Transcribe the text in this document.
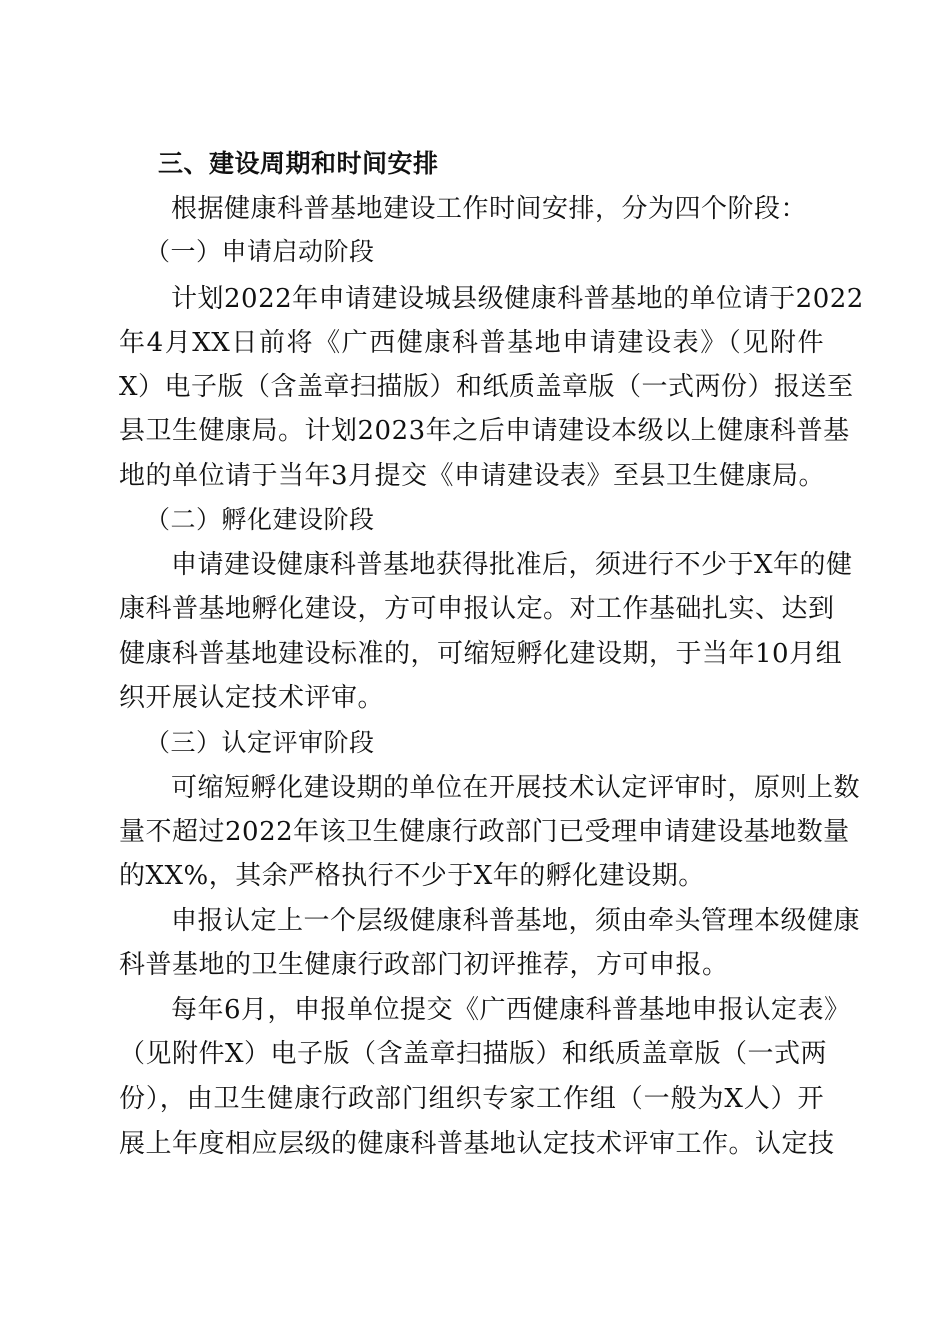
三、建设周期和时间安排
根据健康科普基地建设工作时间安排，分为四个阶段：
（一）申请启动阶段
计划2022年申请建设城县级健康科普基地的单位请于2022
年4月XX日前将《广西健康科普基地申请建设表》（见附件
X）电子版（含盖章扫描版）和纸质盖章版（一式两份）报送至
县卫生健康局。计划2023年之后申请建设本级以上健康科普基
地的单位请于当年3月提交《申请建设表》至县卫生健康局。
（二）孵化建设阶段
申请建设健康科普基地获得批准后，须进行不少于X年的健
康科普基地孵化建设，方可申报认定。对工作基础扎实、达到
健康科普基地建设标准的，可缩短孵化建设期，于当年10月组
织开展认定技术评审。
（三）认定评审阶段
可缩短孵化建设期的单位在开展技术认定评审时，原则上数
量不超过2022年该卫生健康行政部门已受理申请建设基地数量
的XX%，其余严格执行不少于X年的孵化建设期。
申报认定上一个层级健康科普基地，须由牵头管理本级健康
科普基地的卫生健康行政部门初评推荐，方可申报。
每年6月，申报单位提交《广西健康科普基地申报认定表》
（见附件X）电子版（含盖章扫描版）和纸质盖章版（一式两
份），由卫生健康行政部门组织专家工作组（一般为X人）开
展上年度相应层级的健康科普基地认定技术评审工作。认定技
